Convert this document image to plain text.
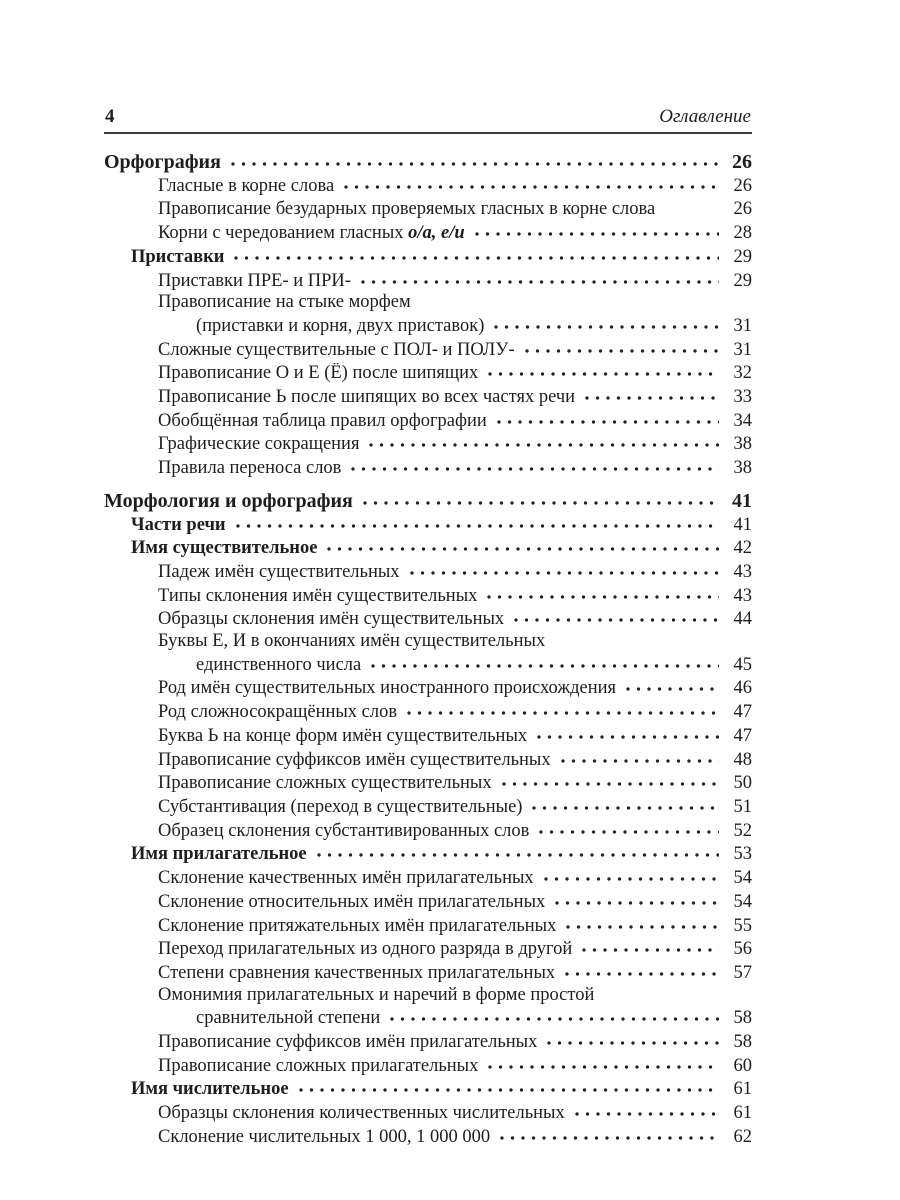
4	Оглавление
Орфография	26
Гласные в корне слова	26
Правописание безударных проверяемых гласных в корне слова	26
Корни с чередованием гласных о/а, е/и	28
Приставки	29
Приставки ПРЕ- и ПРИ-	29
Правописание на стыке морфем
(приставки и корня, двух приставок)	31
Сложные существительные с ПОЛ- и ПОЛУ-	31
Правописание О и Е (Ё) после шипящих	32
Правописание Ь после шипящих во всех частях речи	33
Обобщённая таблица правил орфографии	34
Графические сокращения	38
Правила переноса слов	38
Морфология и орфография	41
Части речи	41
Имя существительное	42
Падеж имён существительных	43
Типы склонения имён существительных	43
Образцы склонения имён существительных	44
Буквы Е, И в окончаниях имён существительных
единственного числа	45
Род имён существительных иностранного происхождения	46
Род сложносокращённых слов	47
Буква Ь на конце форм имён существительных	47
Правописание суффиксов имён существительных	48
Правописание сложных существительных	50
Субстантивация (переход в существительные)	51
Образец склонения субстантивированных слов	52
Имя прилагательное	53
Склонение качественных имён прилагательных	54
Склонение относительных имён прилагательных	54
Склонение притяжательных имён прилагательных	55
Переход прилагательных из одного разряда в другой	56
Степени сравнения качественных прилагательных	57
Омонимия прилагательных и наречий в форме простой
сравнительной степени	58
Правописание суффиксов имён прилагательных	58
Правописание сложных прилагательных	60
Имя числительное	61
Образцы склонения количественных числительных	61
Склонение числительных 1 000, 1 000 000	62
